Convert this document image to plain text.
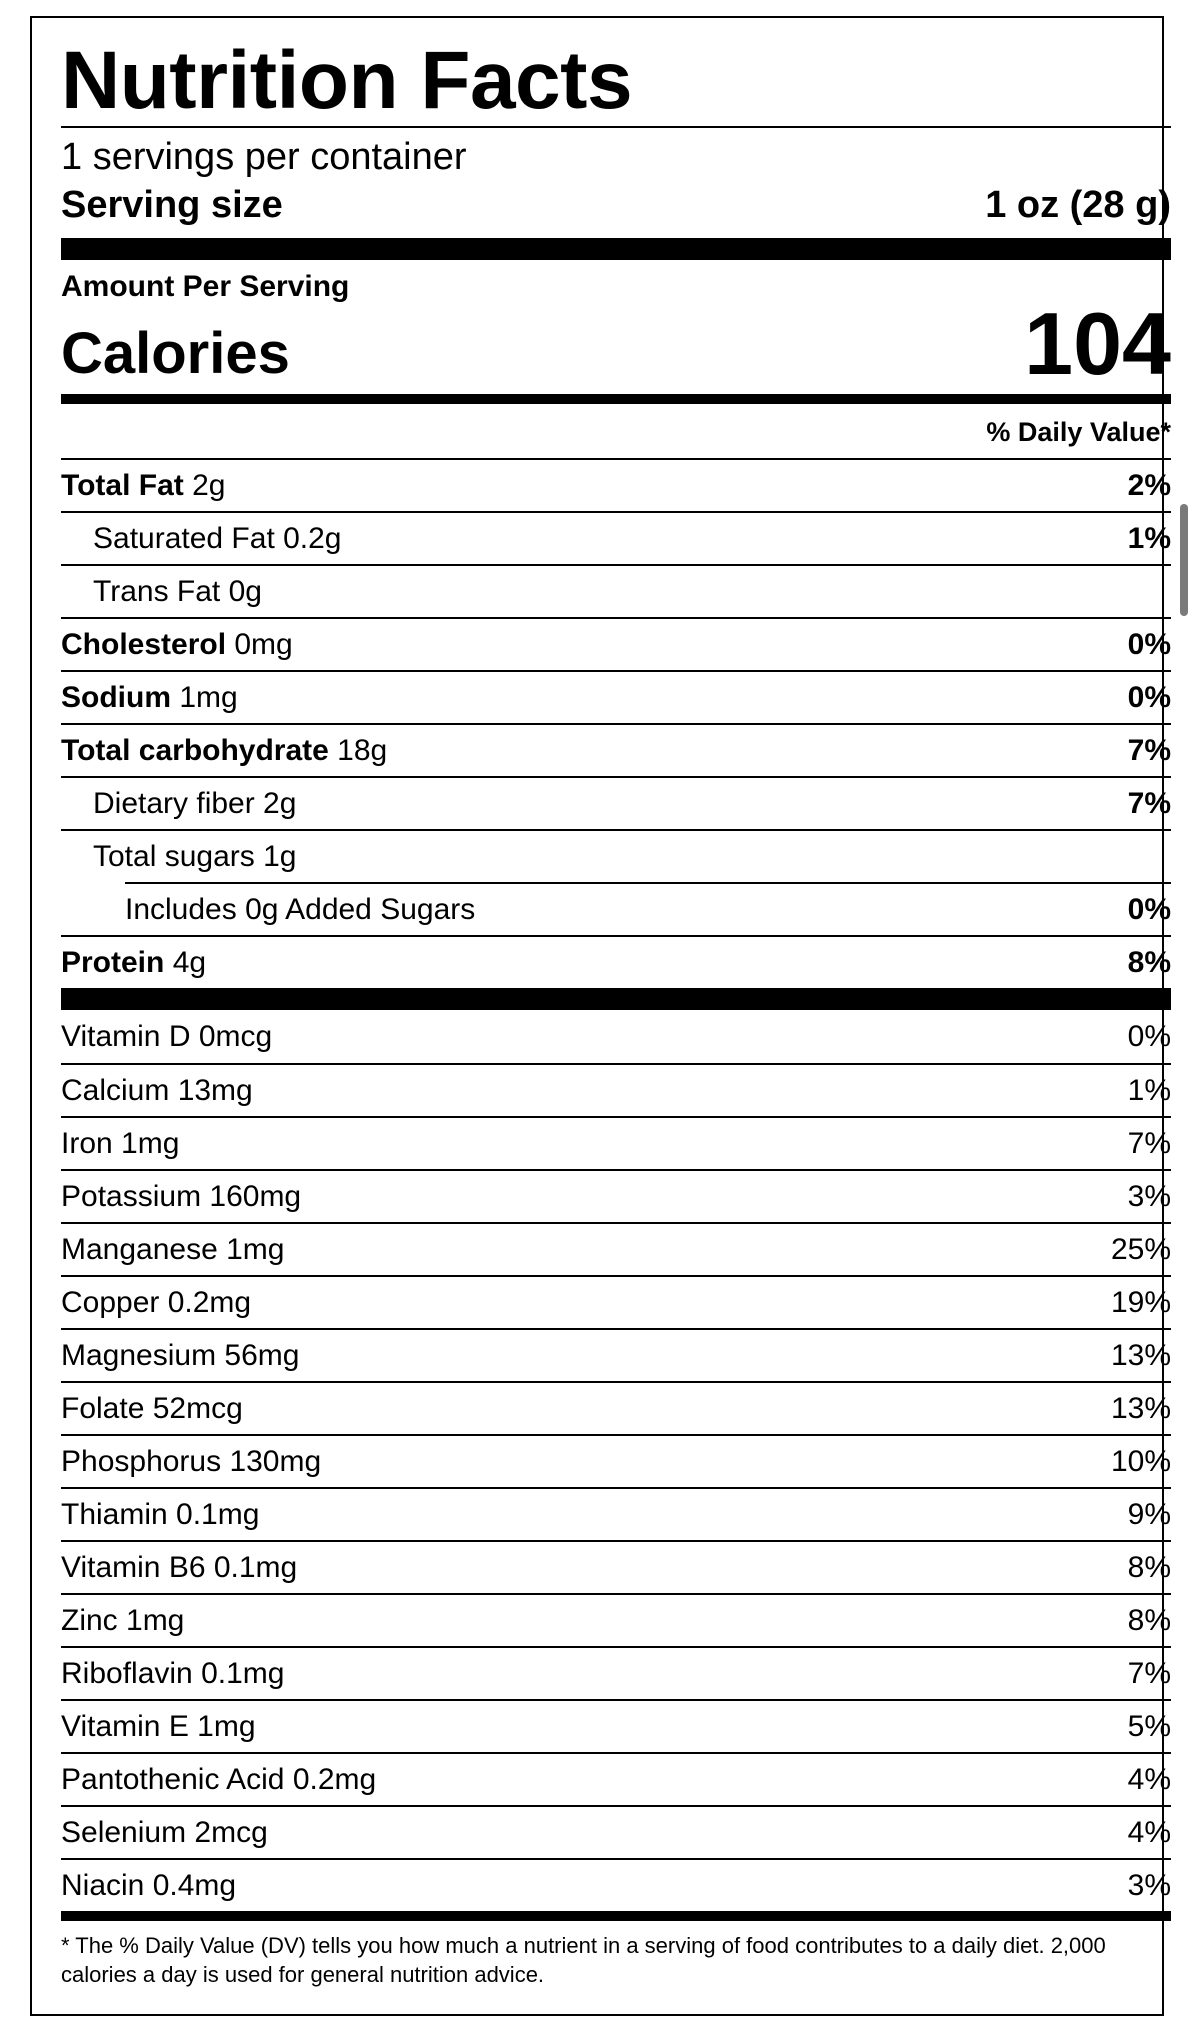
Nutrition Facts
1 servings per container
Serving size	1 oz (28 g)
Amount Per Serving
Calories	104
% Daily Value*
Total Fat 2g	2%
Saturated Fat 0.2g	1%
Trans Fat 0g
Cholesterol 0mg	0%
Sodium 1mg	0%
Total carbohydrate 18g	7%
Dietary fiber 2g	7%
Total sugars 1g
Includes 0g Added Sugars	0%
Protein 4g	8%
Vitamin D 0mcg	0%
Calcium 13mg	1%
Iron 1mg	7%
Potassium 160mg	3%
Manganese 1mg	25%
Copper 0.2mg	19%
Magnesium 56mg	13%
Folate 52mcg	13%
Phosphorus 130mg	10%
Thiamin 0.1mg	9%
Vitamin B6 0.1mg	8%
Zinc 1mg	8%
Riboflavin 0.1mg	7%
Vitamin E 1mg	5%
Pantothenic Acid 0.2mg	4%
Selenium 2mcg	4%
Niacin 0.4mg	3%
* The % Daily Value (DV) tells you how much a nutrient in a serving of food contributes to a daily diet. 2,000 calories a day is used for general nutrition advice.
